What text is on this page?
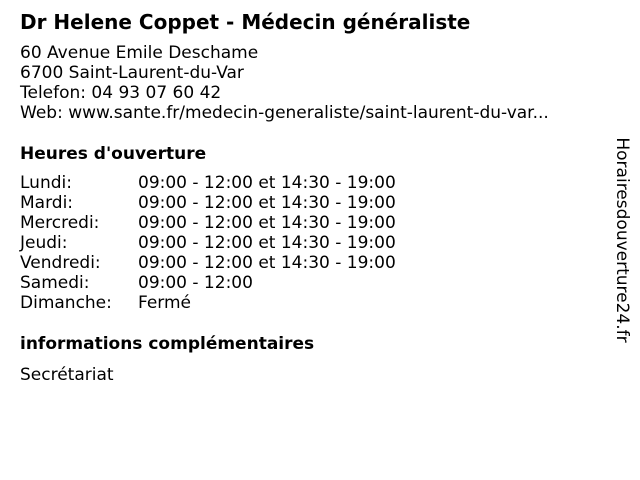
Dr Helene Coppet - Médecin généraliste
60 Avenue Emile Deschame
6700 Saint-Laurent-du-Var
Telefon: 04 93 07 60 42
Web: www.sante.fr/medecin-generaliste/saint-laurent-du-var...
Heures d'ouverture
Lundi:	09:00 - 12:00 et 14:30 - 19:00
Mardi:	09:00 - 12:00 et 14:30 - 19:00
Mercredi: 09:00 - 12:00 et 14:30 - 19:00
Jeudi:	09:00 - 12:00 et 14:30 - 19:00
Vendredi: 09:00 - 12:00 et 14:30 - 19:00
Samedi:	09:00 - 12:00
Dimanche: Fermé
informations complémentaires
Secrétariat
Horairesdouverture24.fr
